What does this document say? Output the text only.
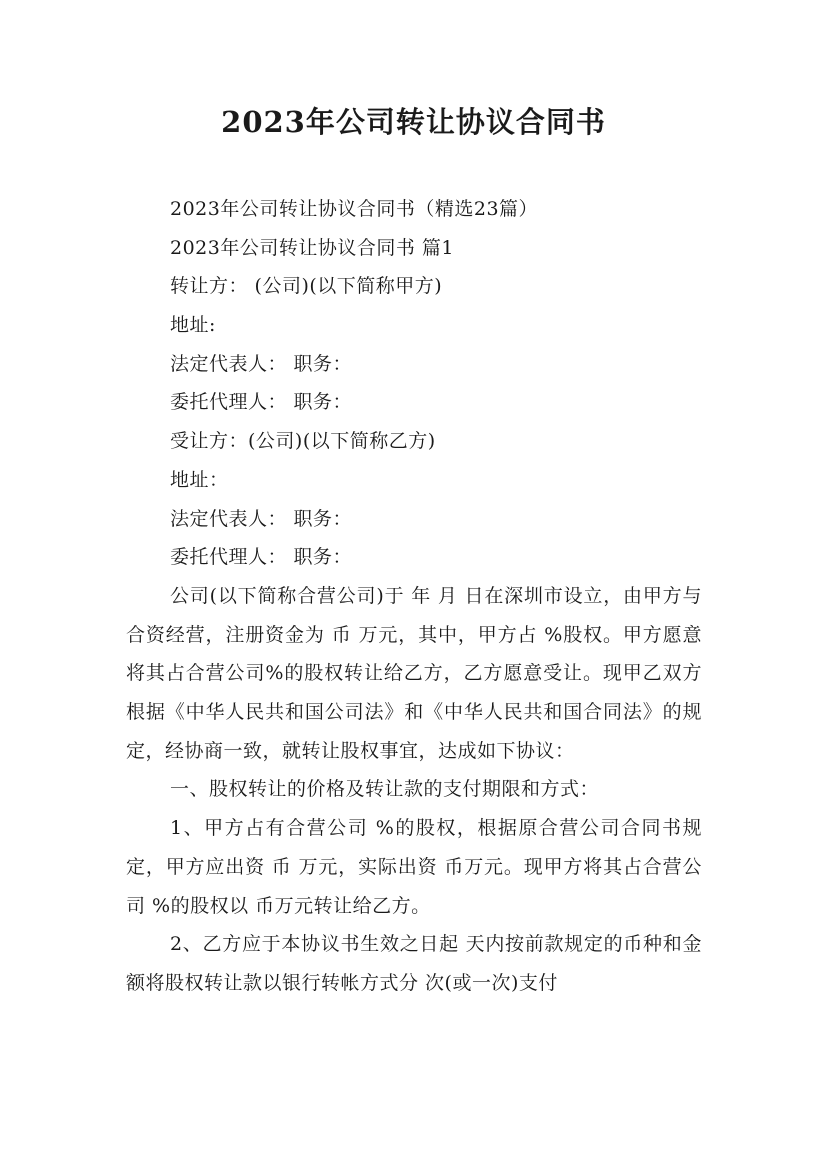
2023年公司转让协议合同书
2023年公司转让协议合同书（精选23篇）
2023年公司转让协议合同书 篇1
转让方： (公司)(以下简称甲方)
地址:
法定代表人： 职务：
委托代理人： 职务：
受让方：(公司)(以下简称乙方)
地址：
法定代表人： 职务：
委托代理人： 职务：
公司(以下简称合营公司)于 年 月 日在深圳市设立，由甲方与 合资经营，注册资金为 币 万元，其中，甲方占 %股权。甲方愿意将其占合营公司%的股权转让给乙方，乙方愿意受让。现甲乙双方根据《中华人民共和国公司法》和《中华人民共和国合同法》的规定，经协商一致，就转让股权事宜，达成如下协议：
一、股权转让的价格及转让款的支付期限和方式：
1、甲方占有合营公司 %的股权，根据原合营公司合同书规定，甲方应出资 币 万元，实际出资 币万元。现甲方将其占合营公司 %的股权以 币万元转让给乙方。
2、乙方应于本协议书生效之日起 天内按前款规定的币种和金额将股权转让款以银行转帐方式分 次(或一次)支付
